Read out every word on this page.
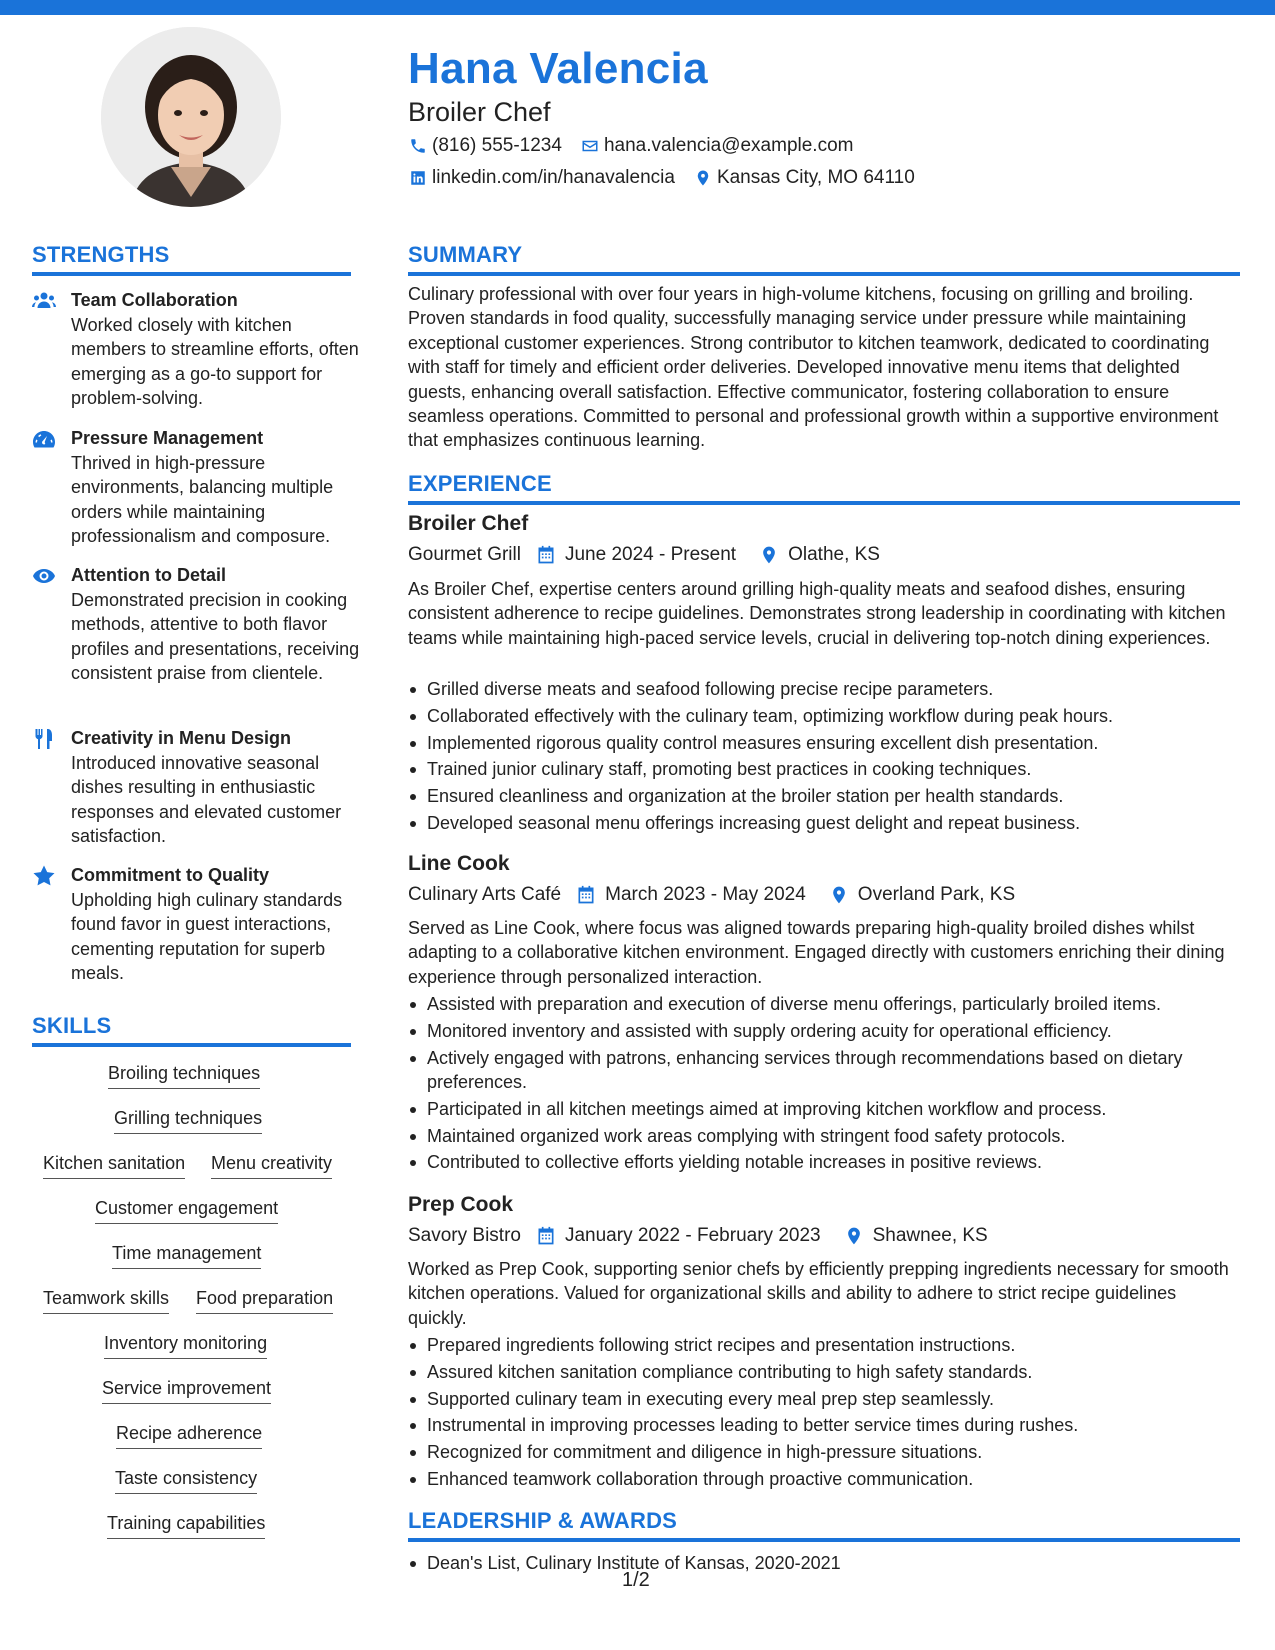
Hana Valencia
Broiler Chef
(816) 555-1234 hana.valencia@example.com
linkedin.com/in/hanavalencia Kansas City, MO 64110
STRENGTHS
Team Collaboration
Worked closely with kitchen members to streamline efforts, often emerging as a go-to support for problem-solving.
Pressure Management
Thrived in high-pressure environments, balancing multiple orders while maintaining professionalism and composure.
Attention to Detail
Demonstrated precision in cooking methods, attentive to both flavor profiles and presentations, receiving consistent praise from clientele.
Creativity in Menu Design
Introduced innovative seasonal dishes resulting in enthusiastic responses and elevated customer satisfaction.
Commitment to Quality
Upholding high culinary standards found favor in guest interactions, cementing reputation for superb meals.
SKILLS
Broiling techniques
Grilling techniques
Kitchen sanitation Menu creativity
Customer engagement
Time management
Teamwork skills Food preparation
Inventory monitoring
Service improvement
Recipe adherence
Taste consistency
Training capabilities
SUMMARY
Culinary professional with over four years in high-volume kitchens, focusing on grilling and broiling. Proven standards in food quality, successfully managing service under pressure while maintaining exceptional customer experiences. Strong contributor to kitchen teamwork, dedicated to coordinating with staff for timely and efficient order deliveries. Developed innovative menu items that delighted guests, enhancing overall satisfaction. Effective communicator, fostering collaboration to ensure seamless operations. Committed to personal and professional growth within a supportive environment that emphasizes continuous learning.
EXPERIENCE
Broiler Chef
Gourmet Grill June 2024 - Present	Olathe, KS
As Broiler Chef, expertise centers around grilling high-quality meats and seafood dishes, ensuring consistent adherence to recipe guidelines. Demonstrates strong leadership in coordinating with kitchen teams while maintaining high-paced service levels, crucial in delivering top-notch dining experiences.
Grilled diverse meats and seafood following precise recipe parameters.
Collaborated effectively with the culinary team, optimizing workflow during peak hours.
Implemented rigorous quality control measures ensuring excellent dish presentation.
Trained junior culinary staff, promoting best practices in cooking techniques.
Ensured cleanliness and organization at the broiler station per health standards.
Developed seasonal menu offerings increasing guest delight and repeat business.
Line Cook
Culinary Arts Café March 2023 - May 2024	Overland Park, KS
Served as Line Cook, where focus was aligned towards preparing high-quality broiled dishes whilst adapting to a collaborative kitchen environment. Engaged directly with customers enriching their dining experience through personalized interaction.
Assisted with preparation and execution of diverse menu offerings, particularly broiled items.
Monitored inventory and assisted with supply ordering acuity for operational efficiency.
Actively engaged with patrons, enhancing services through recommendations based on dietary preferences.
Participated in all kitchen meetings aimed at improving kitchen workflow and process.
Maintained organized work areas complying with stringent food safety protocols.
Contributed to collective efforts yielding notable increases in positive reviews.
Prep Cook
Savory Bistro January 2022 - February 2023	Shawnee, KS
Worked as Prep Cook, supporting senior chefs by efficiently prepping ingredients necessary for smooth kitchen operations. Valued for organizational skills and ability to adhere to strict recipe guidelines quickly.
Prepared ingredients following strict recipes and presentation instructions.
Assured kitchen sanitation compliance contributing to high safety standards.
Supported culinary team in executing every meal prep step seamlessly.
Instrumental in improving processes leading to better service times during rushes.
Recognized for commitment and diligence in high-pressure situations.
Enhanced teamwork collaboration through proactive communication.
LEADERSHIP & AWARDS
Dean's List, Culinary Institute of Kansas, 2020-2021
1/2
